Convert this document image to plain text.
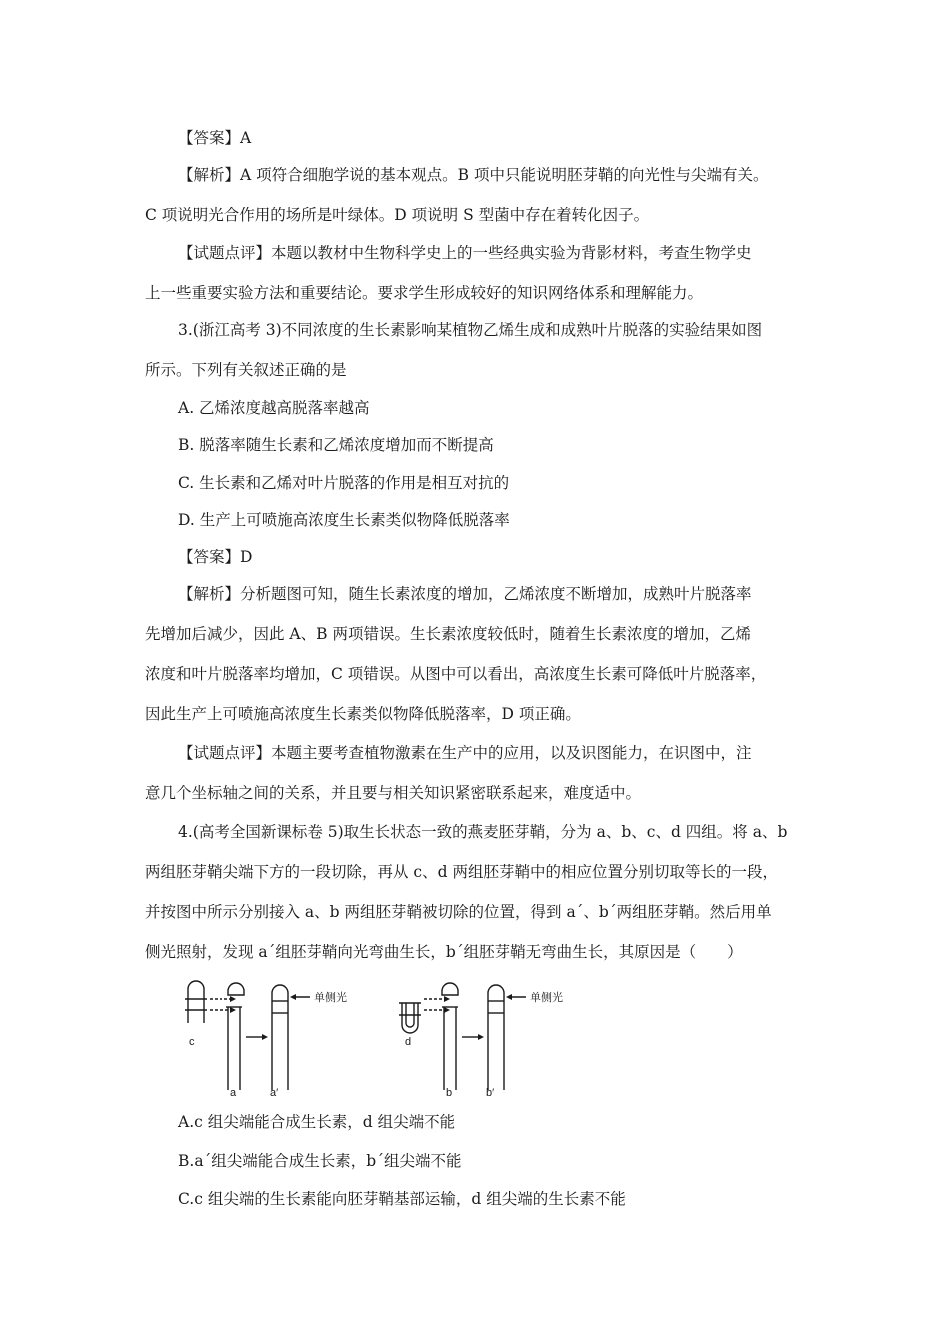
【答案】A
【解析】A 项符合细胞学说的基本观点。B 项中只能说明胚芽鞘的向光性与尖端有关。
C 项说明光合作用的场所是叶绿体。D 项说明 S 型菌中存在着转化因子。
【试题点评】本题以教材中生物科学史上的一些经典实验为背影材料，考查生物学史
上一些重要实验方法和重要结论。要求学生形成较好的知识网络体系和理解能力。
3.(浙江高考 3)不同浓度的生长素影响某植物乙烯生成和成熟叶片脱落的实验结果如图
所示。下列有关叙述正确的是
A. 乙烯浓度越高脱落率越高
B. 脱落率随生长素和乙烯浓度增加而不断提高
C. 生长素和乙烯对叶片脱落的作用是相互对抗的
D. 生产上可喷施高浓度生长素类似物降低脱落率
【答案】D
【解析】分析题图可知，随生长素浓度的增加，乙烯浓度不断增加，成熟叶片脱落率
先增加后减少，因此 A、B 两项错误。生长素浓度较低时，随着生长素浓度的增加，乙烯
浓度和叶片脱落率均增加，C 项错误。从图中可以看出，高浓度生长素可降低叶片脱落率，
因此生产上可喷施高浓度生长素类似物降低脱落率，D 项正确。
【试题点评】本题主要考查植物激素在生产中的应用，以及识图能力，在识图中，注
意几个坐标轴之间的关系，并且要与相关知识紧密联系起来，难度适中。
4.(高考全国新课标卷 5)取生长状态一致的燕麦胚芽鞘，分为 a、b、c、d 四组。将 a、b
两组胚芽鞘尖端下方的一段切除，再从 c、d 两组胚芽鞘中的相应位置分别切取等长的一段，
并按图中所示分别接入 a、b 两组胚芽鞘被切除的位置，得到 a´、b´两组胚芽鞘。然后用单
侧光照射，发现 a´组胚芽鞘向光弯曲生长，b´组胚芽鞘无弯曲生长，其原因是（　　）
c
a	a′
单侧光
d
b	b′
单侧光
A.c 组尖端能合成生长素，d 组尖端不能
B.a´组尖端能合成生长素，b´组尖端不能
C.c 组尖端的生长素能向胚芽鞘基部运输，d 组尖端的生长素不能
